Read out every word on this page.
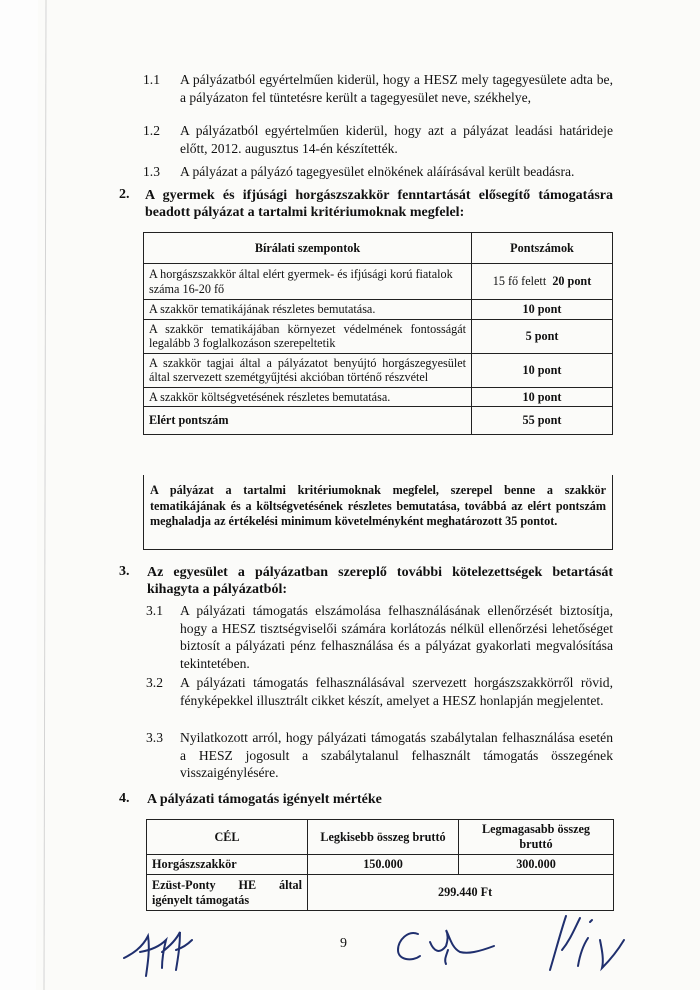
1.1	A pályázatból egyértelműen kiderül, hogy a HESZ mely tagegyesülete adta be, a pályázaton fel tüntetésre került a tagegyesület neve, székhelye,
1.2	A pályázatból egyértelműen kiderül, hogy azt a pályázat leadási határideje előtt, 2012. augusztus 14-én készítették.
1.3	A pályázat a pályázó tagegyesület elnökének aláírásával került beadásra.
2. A gyermek és ifjúsági horgászszakkör fenntartását elősegítő támogatásra beadott pályázat a tartalmi kritériumoknak megfelel:
Bírálati szempontok	Pontszámok
A horgászszakkör által elért gyermek- és ifjúsági korú fiatalok száma 16-20 fő	15 fő felett 20 pont
A szakkör tematikájának részletes bemutatása.	10 pont
A szakkör tematikájában környezet védelmének fontosságát legalább 3 foglalkozáson szerepeltetik	5 pont
A szakkör tagjai által a pályázatot benyújtó horgászegyesület által szervezett szemétgyűjtési akcióban történő részvétel	10 pont
A szakkör költségvetésének részletes bemutatása.	10 pont
Elért pontszám	55 pont
A pályázat a tartalmi kritériumoknak megfelel, szerepel benne a szakkör tematikájának és a költségvetésének részletes bemutatása, továbbá az elért pontszám meghaladja az értékelési minimum követelményként meghatározott 35 pontot.
3. Az egyesület a pályázatban szereplő további kötelezettségek betartását kihagyta a pályázatból:
3.1	A pályázati támogatás elszámolása felhasználásának ellenőrzését biztosítja, hogy a HESZ tisztségviselői számára korlátozás nélkül ellenőrzési lehetőséget biztosít a pályázati pénz felhasználása és a pályázat gyakorlati megvalósítása tekintetében.
3.2	A pályázati támogatás felhasználásával szervezett horgászszakkörről rövid, fényképekkel illusztrált cikket készít, amelyet a HESZ honlapján megjelentet.
3.3	Nyilatkozott arról, hogy pályázati támogatás szabálytalan felhasználása esetén a HESZ jogosult a szabálytalanul felhasznált támogatás összegének visszaigénylésére.
4. A pályázati támogatás igényelt mértéke
CÉL	Legkisebb összeg bruttó	Legmagasabb összeg bruttó
Horgászszakkör	150.000	300.000
Ezüst-Ponty HE által igényelt támogatás	299.440 Ft	
9
